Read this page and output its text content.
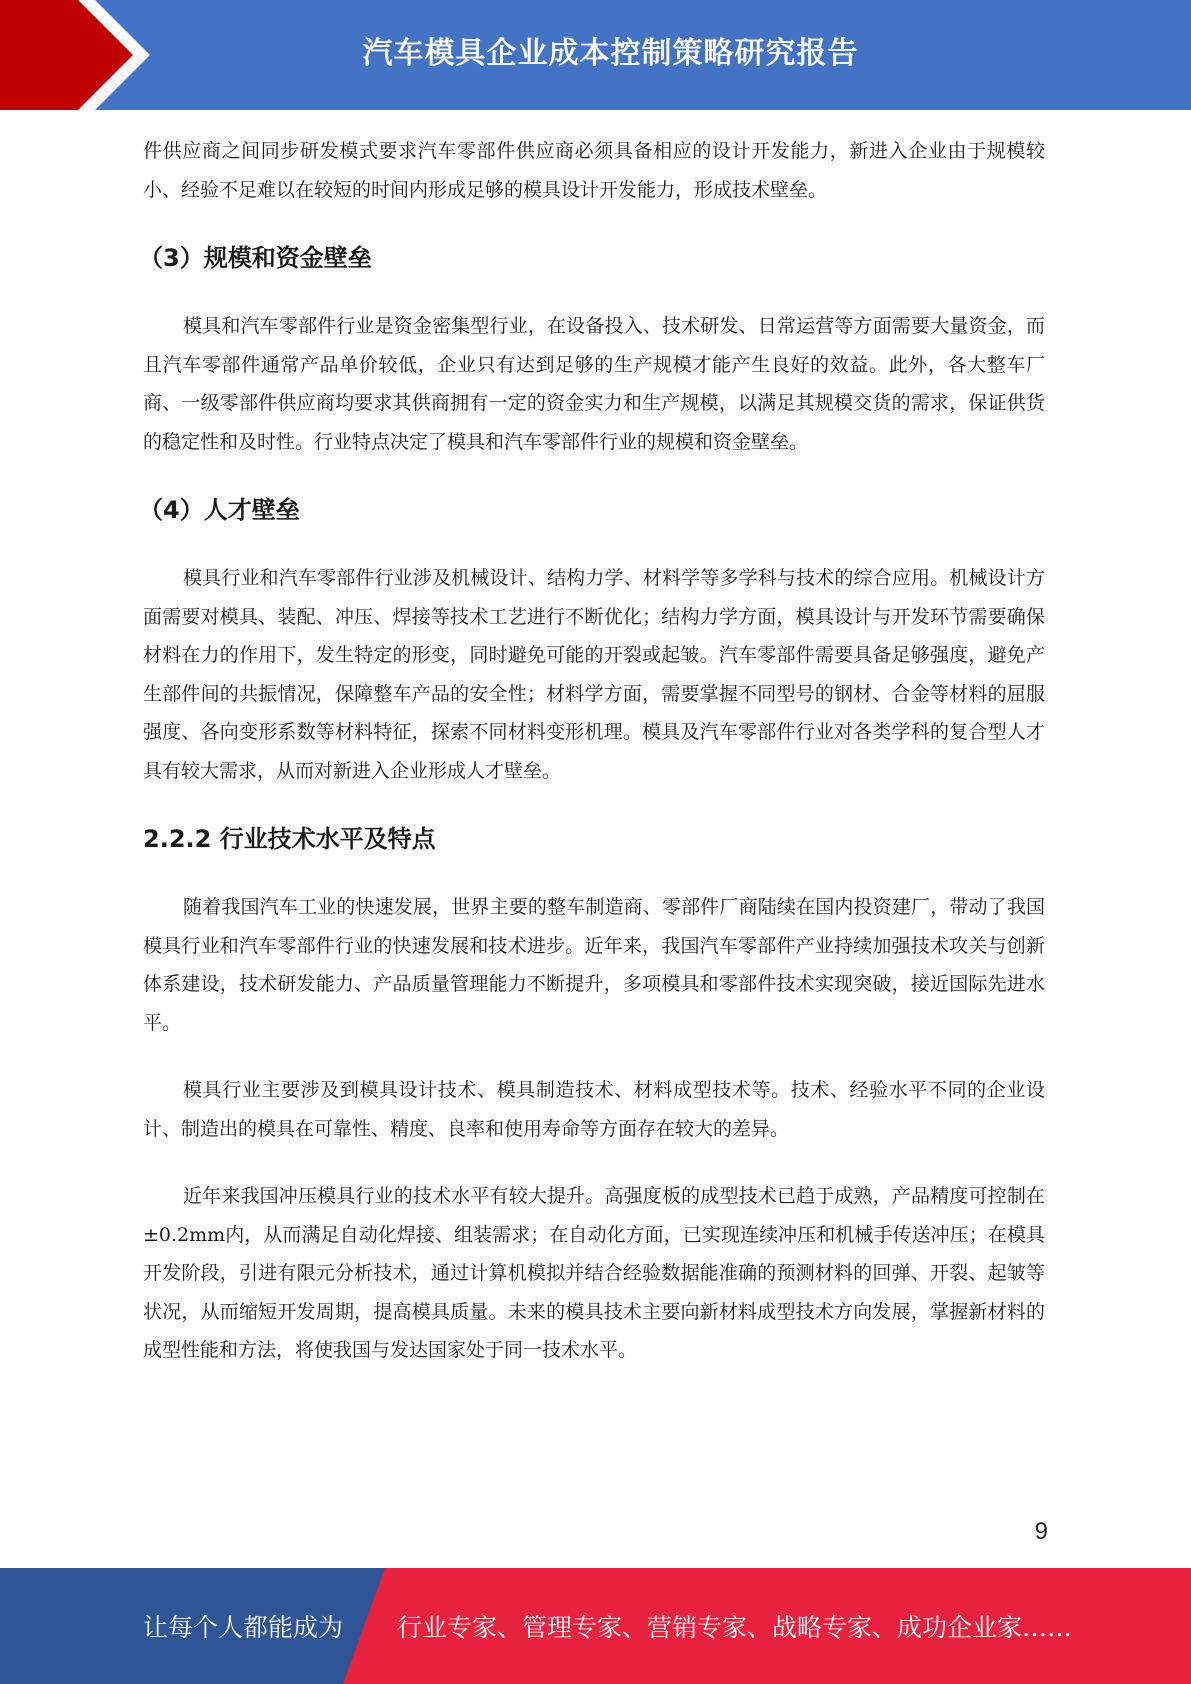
汽车模具企业成本控制策略研究报告

件供应商之间同步研发模式要求汽车零部件供应商必须具备相应的设计开发能力，新进入企业由于规模较小、经验不足难以在较短的时间内形成足够的模具设计开发能力，形成技术壁垒。

（3）规模和资金壁垒

模具和汽车零部件行业是资金密集型行业，在设备投入、技术研发、日常运营等方面需要大量资金，而且汽车零部件通常产品单价较低，企业只有达到足够的生产规模才能产生良好的效益。此外，各大整车厂商、一级零部件供应商均要求其供商拥有一定的资金实力和生产规模，以满足其规模交货的需求，保证供货的稳定性和及时性。行业特点决定了模具和汽车零部件行业的规模和资金壁垒。

（4）人才壁垒

模具行业和汽车零部件行业涉及机械设计、结构力学、材料学等多学科与技术的综合应用。机械设计方面需要对模具、装配、冲压、焊接等技术工艺进行不断优化；结构力学方面，模具设计与开发环节需要确保材料在力的作用下，发生特定的形变，同时避免可能的开裂或起皱。汽车零部件需要具备足够强度，避免产生部件间的共振情况，保障整车产品的安全性；材料学方面，需要掌握不同型号的钢材、合金等材料的屈服强度、各向变形系数等材料特征，探索不同材料变形机理。模具及汽车零部件行业对各类学科的复合型人才具有较大需求，从而对新进入企业形成人才壁垒。

2.2.2 行业技术水平及特点

随着我国汽车工业的快速发展，世界主要的整车制造商、零部件厂商陆续在国内投资建厂，带动了我国模具行业和汽车零部件行业的快速发展和技术进步。近年来，我国汽车零部件产业持续加强技术攻关与创新体系建设，技术研发能力、产品质量管理能力不断提升，多项模具和零部件技术实现突破，接近国际先进水平。

模具行业主要涉及到模具设计技术、模具制造技术、材料成型技术等。技术、经验水平不同的企业设计、制造出的模具在可靠性、精度、良率和使用寿命等方面存在较大的差异。

近年来我国冲压模具行业的技术水平有较大提升。高强度板的成型技术已趋于成熟，产品精度可控制在±0.2mm内，从而满足自动化焊接、组装需求；在自动化方面，已实现连续冲压和机械手传送冲压；在模具开发阶段，引进有限元分析技术，通过计算机模拟并结合经验数据能准确的预测材料的回弹、开裂、起皱等状况，从而缩短开发周期，提高模具质量。未来的模具技术主要向新材料成型技术方向发展，掌握新材料的成型性能和方法，将使我国与发达国家处于同一技术水平。

9
让每个人都能成为 行业专家、管理专家、营销专家、战略专家、成功企业家……
